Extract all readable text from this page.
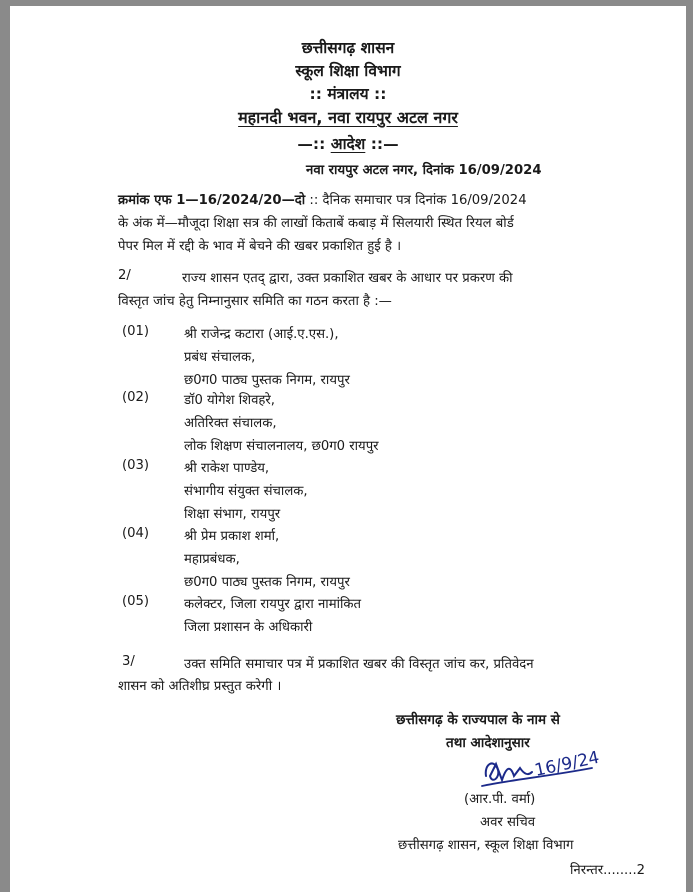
छत्तीसगढ़ शासन
स्कूल शिक्षा विभाग
:: मंत्रालय ::
महानदी भवन, नवा रायपुर अटल नगर
—:: आदेश ::—
नवा रायपुर अटल नगर, दिनांक 16/09/2024
क्रमांक एफ 1—16/2024/20—दो :: दैनिक समाचार पत्र दिनांक 16/09/2024
के अंक में—मौजूदा शिक्षा सत्र की लाखों किताबें कबाड़ में सिलयारी स्थित रियल बोर्ड
पेपर मिल में रद्दी के भाव में बेचने की खबर प्रकाशित हुई है ।
2/	राज्य शासन एतद् द्वारा, उक्त प्रकाशित खबर के आधार पर प्रकरण की
विस्तृत जांच हेतु निम्नानुसार समिति का गठन करता है :—
(01)	श्री राजेन्द्र कटारा (आई.ए.एस.),
प्रबंध संचालक,
छ0ग0 पाठ्य पुस्तक निगम, रायपुर
(02)	डॉ0 योगेश शिवहरे,
अतिरिक्त संचालक,
लोक शिक्षण संचालनालय, छ0ग0 रायपुर
(03)	श्री राकेश पाण्डेय,
संभागीय संयुक्त संचालक,
शिक्षा संभाग, रायपुर
(04)	श्री प्रेम प्रकाश शर्मा,
महाप्रबंधक,
छ0ग0 पाठ्य पुस्तक निगम, रायपुर
(05)	कलेक्टर, जिला रायपुर द्वारा नामांकित
जिला प्रशासन के अधिकारी
3/	उक्त समिति समाचार पत्र में प्रकाशित खबर की विस्तृत जांच कर, प्रतिवेदन
शासन को अतिशीघ्र प्रस्तुत करेगी ।
छत्तीसगढ़ के राज्यपाल के नाम से
तथा आदेशानुसार
16/9/24
(आर.पी. वर्मा)
अवर सचिव
छत्तीसगढ़ शासन, स्कूल शिक्षा विभाग
निरन्तर........2
